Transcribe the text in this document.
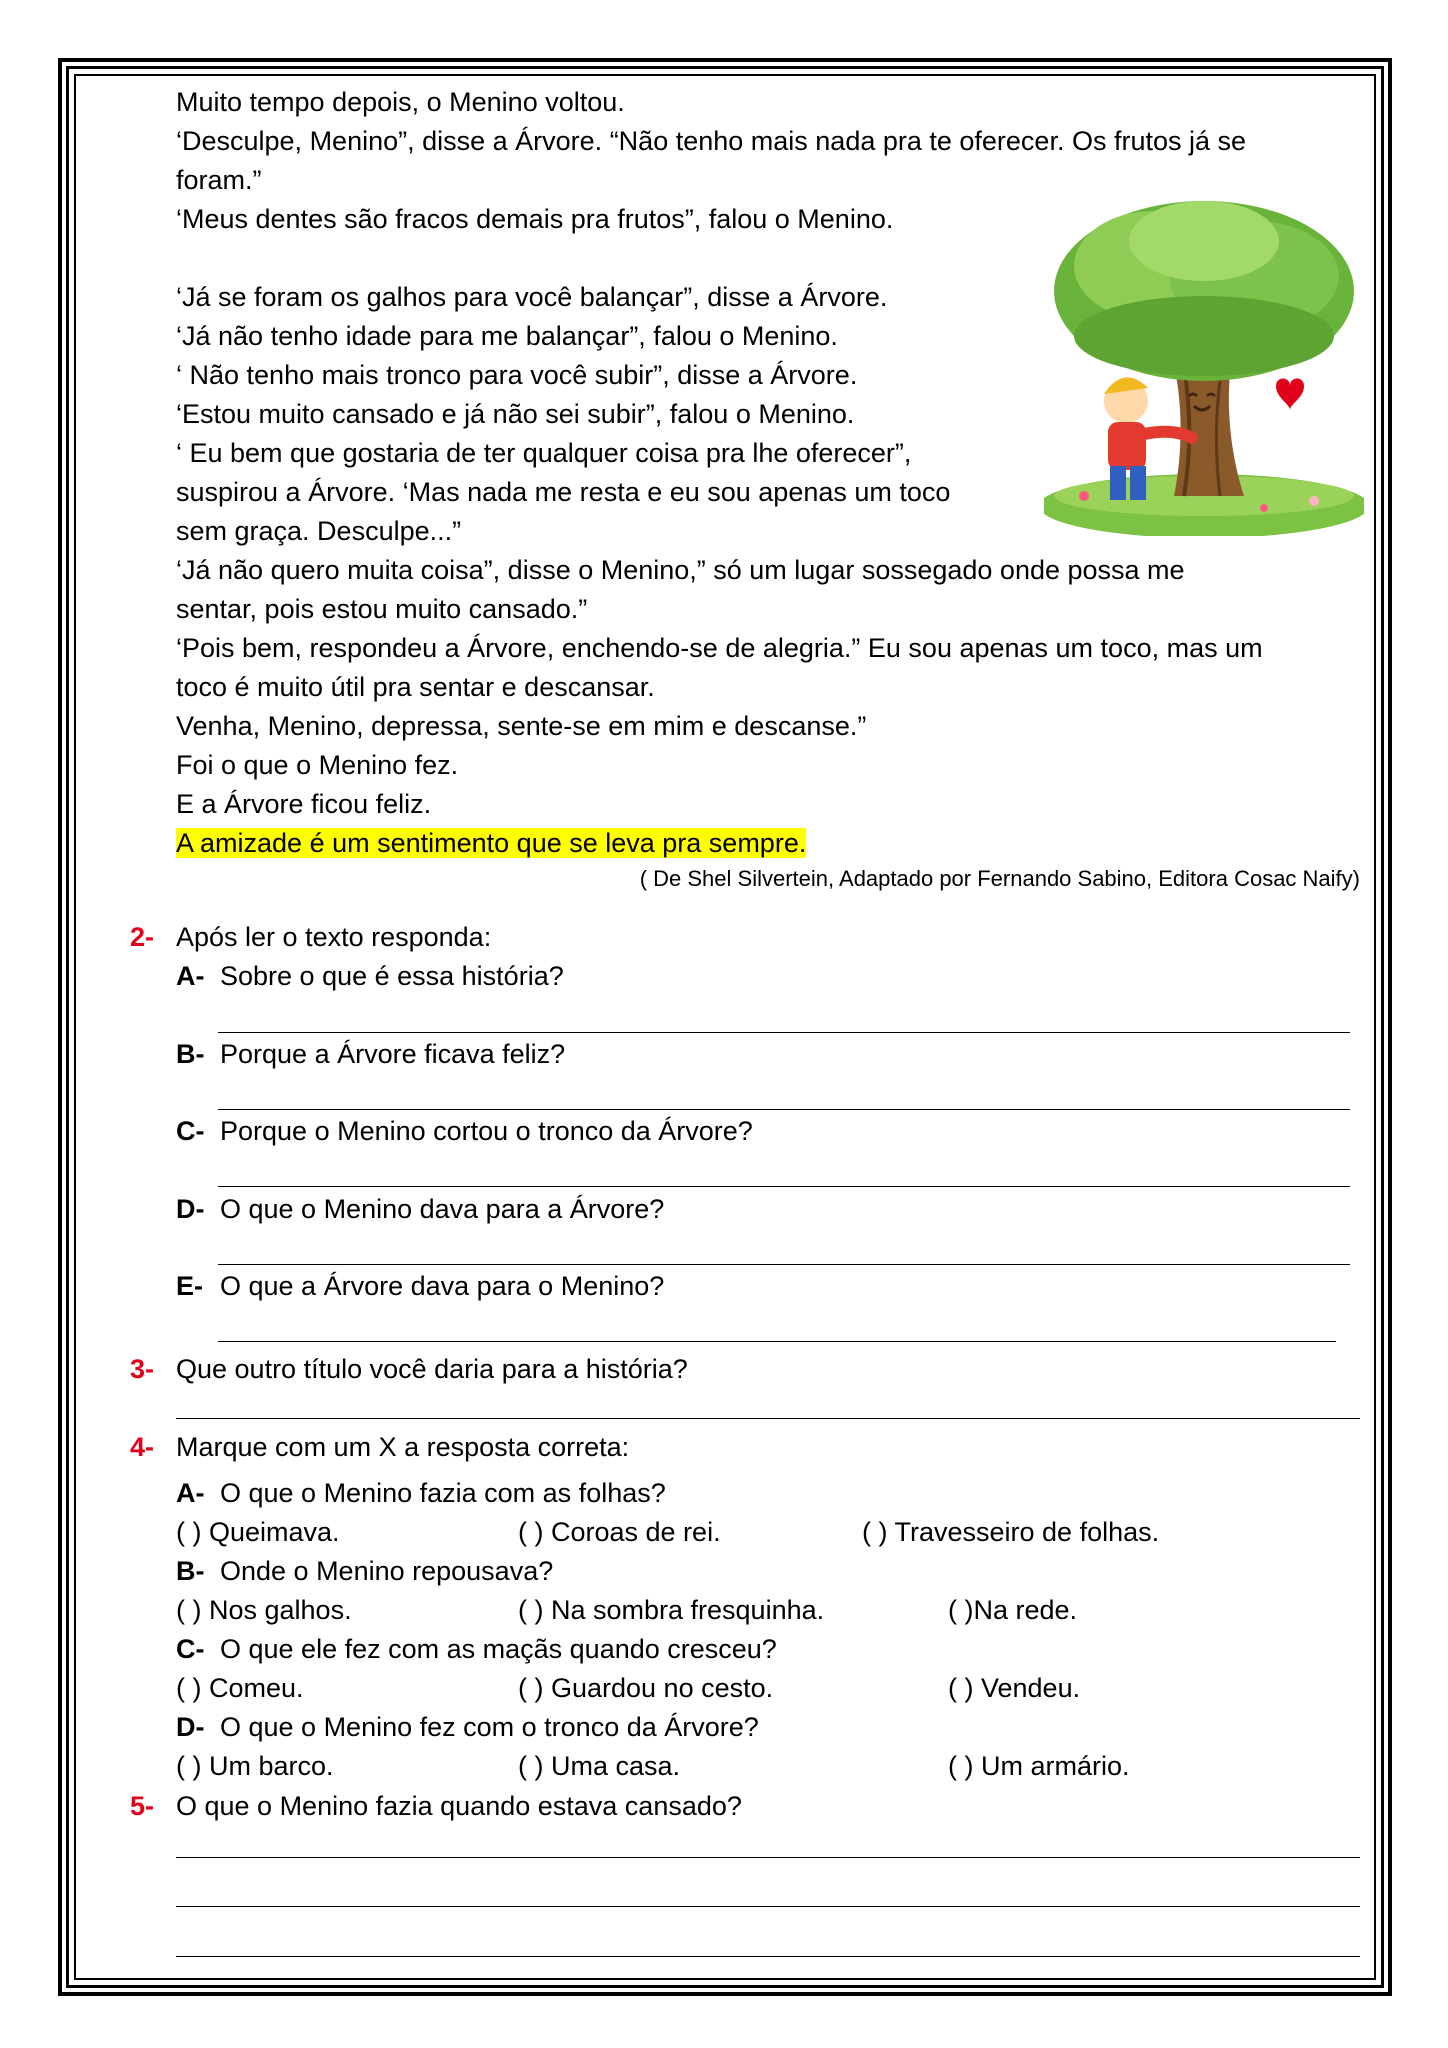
Muito tempo depois, o Menino voltou.
‘Desculpe, Menino”, disse a Árvore. “Não tenho mais nada pra te oferecer. Os frutos já se
foram.”
‘Meus dentes são fracos demais pra frutos”, falou o Menino.
‘Já se foram os galhos para você balançar”, disse a Árvore.
‘Já não tenho idade para me balançar”, falou o Menino.
‘ Não tenho mais tronco para você subir”, disse a Árvore.
‘Estou muito cansado e já não sei subir”, falou o Menino.
‘ Eu bem que gostaria de ter qualquer coisa pra lhe oferecer”,
suspirou a Árvore. ‘Mas nada me resta e eu sou apenas um toco
sem graça. Desculpe...”
‘Já não quero muita coisa”, disse o Menino,” só um lugar sossegado onde possa me
sentar, pois estou muito cansado.”
‘Pois bem, respondeu a Árvore, enchendo-se de alegria.” Eu sou apenas um toco, mas um
toco é muito útil pra sentar e descansar.
Venha, Menino, depressa, sente-se em mim e descanse.”
Foi o que o Menino fez.
E a Árvore ficou feliz.
A amizade é um sentimento que se leva pra sempre.
( De Shel Silvertein, Adaptado por Fernando Sabino, Editora Cosac Naify)
2- Após ler o texto responda:
A- Sobre o que é essa história?
B- Porque a Árvore ficava feliz?
C- Porque o Menino cortou o tronco da Árvore?
D- O que o Menino dava para a Árvore?
E- O que a Árvore dava para o Menino?
3- Que outro título você daria para a história?
4- Marque com um X a resposta correta:
A- O que o Menino fazia com as folhas?
( ) Queimava.	( ) Coroas de rei.	( ) Travesseiro de folhas.
B- Onde o Menino repousava?
( ) Nos galhos.	( ) Na sombra fresquinha.	( )Na rede.
C- O que ele fez com as maçãs quando cresceu?
( ) Comeu.	( ) Guardou no cesto.	( ) Vendeu.
D- O que o Menino fez com o tronco da Árvore?
( ) Um barco.	( ) Uma casa.	( ) Um armário.
5- O que o Menino fazia quando estava cansado?
